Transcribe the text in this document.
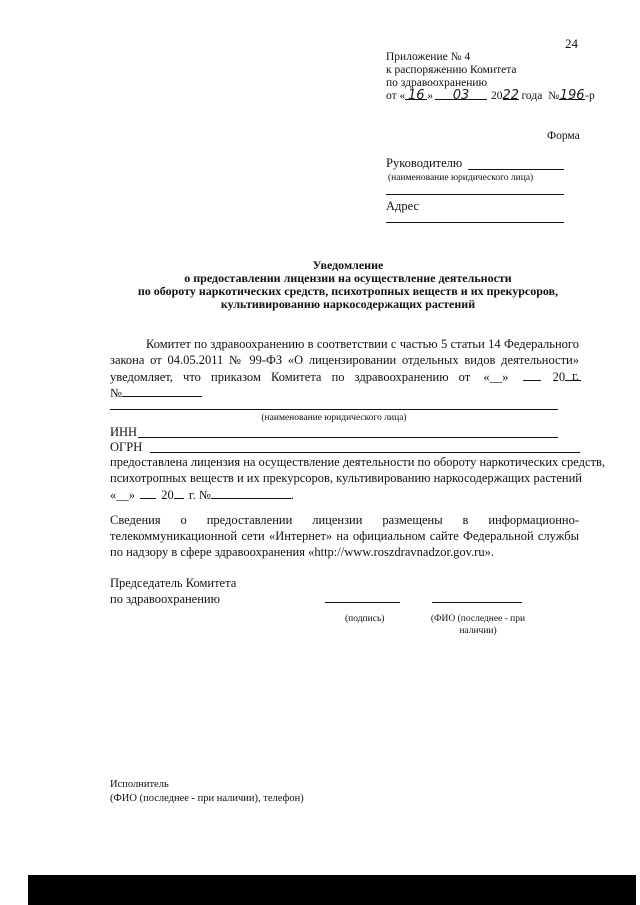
24
Приложение № 4
к распоряжению Комитета
по здравоохранению
от « 16 » 03 2022 года №196-р
Форма
Руководителю
(наименование юридического лица)
Адрес
Уведомление
о предоставлении лицензии на осуществление деятельности
по обороту наркотических средств, психотропных веществ и их прекурсоров,
культивированию наркосодержащих растений
Комитет по здравоохранению в соответствии с частью 5 статьи 14 Федерального
закона от 04.05.2011 № 99-ФЗ «О лицензировании отдельных видов деятельности»
уведомляет, что приказом Комитета по здравоохранению от «__»	20 г.
№
(наименование юридического лица)
ИНН
ОГРН
предоставлена лицензия на осуществление деятельности по обороту наркотических средств,
психотропных веществ и их прекурсоров, культивированию наркосодержащих растений
«__» 20 г. №	.
Сведения о предоставлении лицензии размещены в информационно-
телекоммуникационной сети «Интернет» на официальном сайте Федеральной службы
по надзору в сфере здравоохранения «http://www.roszdravnadzor.gov.ru».
Председатель Комитета
по здравоохранению
(подпись)	(ФИО (последнее - при
наличии)
Исполнитель
(ФИО (последнее - при наличии), телефон)
